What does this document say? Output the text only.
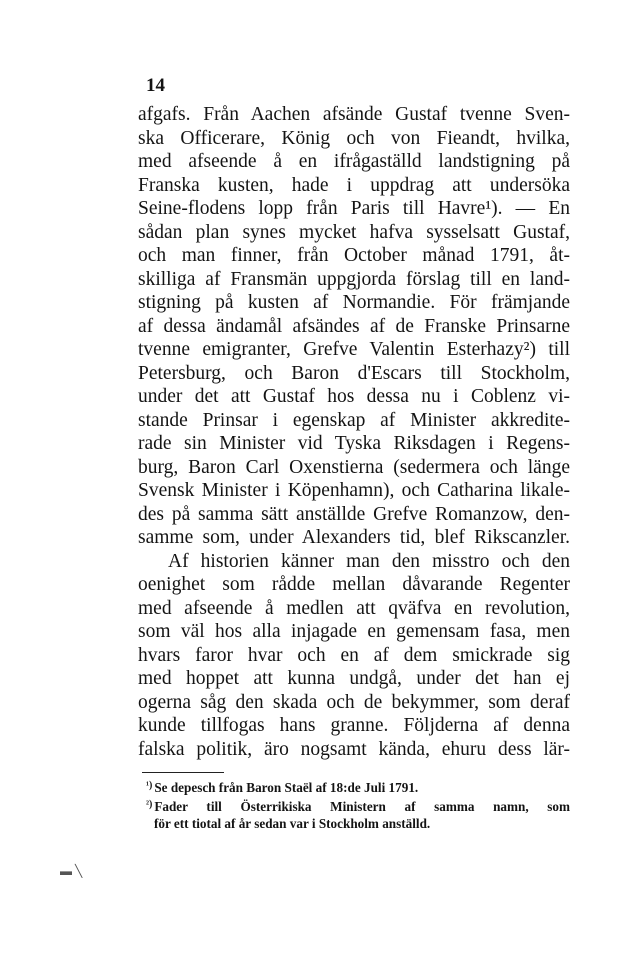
14
afgafs. Från Aachen afsände Gustaf tvenne Sven-
ska Officerare, König och von Fieandt, hvilka,
med afseende å en ifrågaställd landstigning på
Franska kusten, hade i uppdrag att undersöka
Seine-flodens lopp från Paris till Havre¹). — En
sådan plan synes mycket hafva sysselsatt Gustaf,
och man finner, från October månad 1791, åt-
skilliga af Fransmän uppgjorda förslag till en land-
stigning på kusten af Normandie. För främjande
af dessa ändamål afsändes af de Franske Prinsarne
tvenne emigranter, Grefve Valentin Esterhazy²) till
Petersburg, och Baron d'Escars till Stockholm,
under det att Gustaf hos dessa nu i Coblenz vi-
stande Prinsar i egenskap af Minister akkredite-
rade sin Minister vid Tyska Riksdagen i Regens-
burg, Baron Carl Oxenstierna (sedermera och länge
Svensk Minister i Köpenhamn), och Catharina likale-
des på samma sätt anställde Grefve Romanzow, den-
samme som, under Alexanders tid, blef Rikscanzler.
Af historien känner man den misstro och den
oenighet som rådde mellan dåvarande Regenter
med afseende å medlen att qväfva en revolution,
som väl hos alla injagade en gemensam fasa, men
hvars faror hvar och en af dem smickrade sig
med hoppet att kunna undgå, under det han ej
ogerna såg den skada och de bekymmer, som deraf
kunde tillfogas hans granne. Följderna af denna
falska politik, äro nogsamt kända, ehuru dess lär-
$^{^1)}$ Se depesch från Baron Staël af 18:de Juli 1791.
$^{^2)}$ Fader till Österrikiska Ministern af samma namn, som
för ett tiotal af år sedan var i Stockholm anställd.
▬ ╲
